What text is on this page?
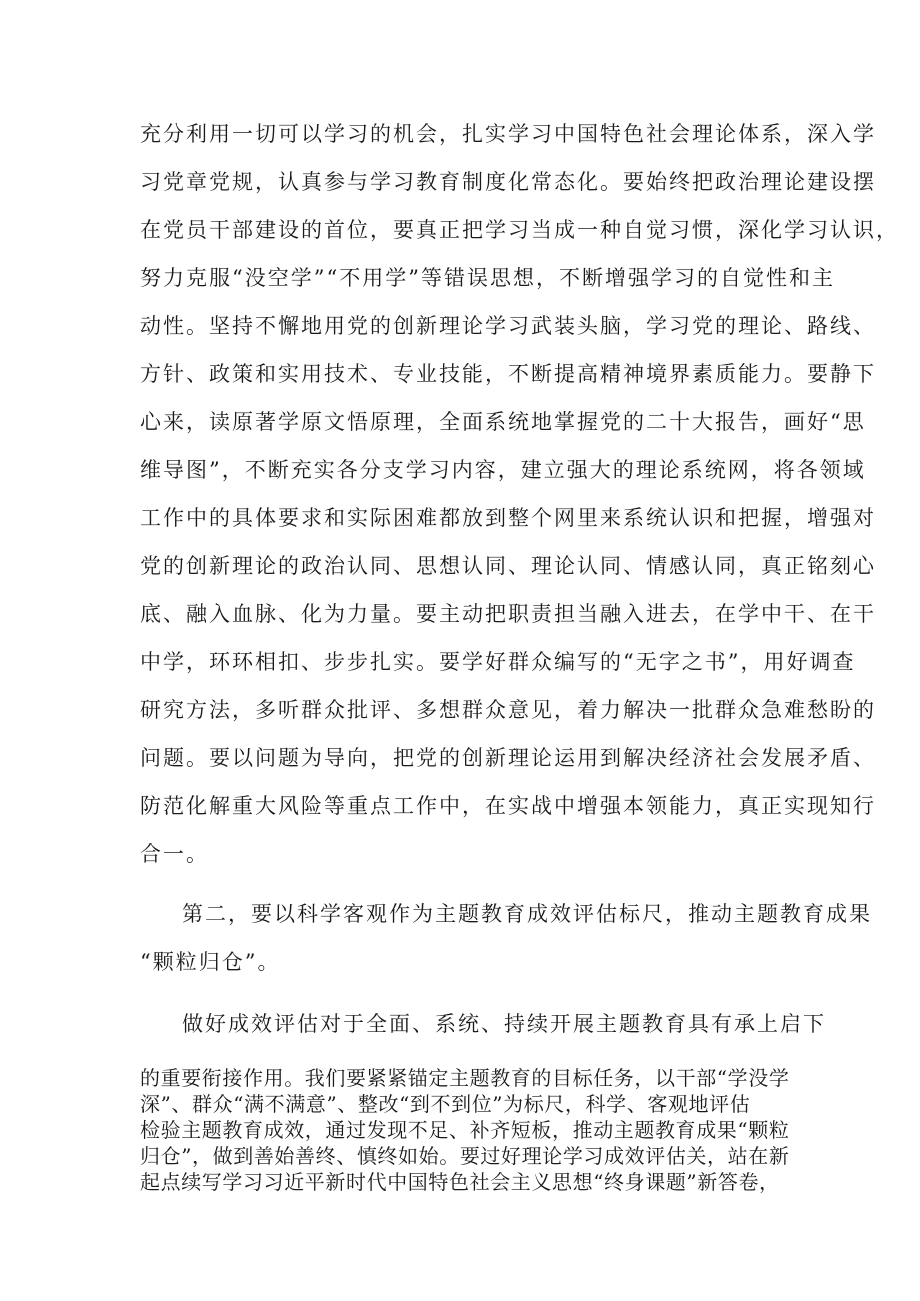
充分利用一切可以学习的机会，扎实学习中国特色社会理论体系，深入学
习党章党规，认真参与学习教育制度化常态化。要始终把政治理论建设摆
在党员干部建设的首位，要真正把学习当成一种自觉习惯，深化学习认识，
努力克服“没空学”“不用学”等错误思想，不断增强学习的自觉性和主
动性。坚持不懈地用党的创新理论学习武装头脑，学习党的理论、路线、
方针、政策和实用技术、专业技能，不断提高精神境界素质能力。要静下
心来，读原著学原文悟原理，全面系统地掌握党的二十大报告，画好“思
维导图”，不断充实各分支学习内容，建立强大的理论系统网，将各领域
工作中的具体要求和实际困难都放到整个网里来系统认识和把握，增强对
党的创新理论的政治认同、思想认同、理论认同、情感认同，真正铭刻心
底、融入血脉、化为力量。要主动把职责担当融入进去，在学中干、在干
中学，环环相扣、步步扎实。要学好群众编写的“无字之书”，用好调查
研究方法，多听群众批评、多想群众意见，着力解决一批群众急难愁盼的
问题。要以问题为导向，把党的创新理论运用到解决经济社会发展矛盾、
防范化解重大风险等重点工作中，在实战中增强本领能力，真正实现知行
合一。
第二，要以科学客观作为主题教育成效评估标尺，推动主题教育成果
“颗粒归仓”。
做好成效评估对于全面、系统、持续开展主题教育具有承上启下
的重要衔接作用。我们要紧紧锚定主题教育的目标任务，以干部“学没学
深”、群众“满不满意”、整改“到不到位”为标尺，科学、客观地评估
检验主题教育成效，通过发现不足、补齐短板，推动主题教育成果“颗粒
归仓”，做到善始善终、慎终如始。要过好理论学习成效评估关，站在新
起点续写学习习近平新时代中国特色社会主义思想“终身课题”新答卷，
